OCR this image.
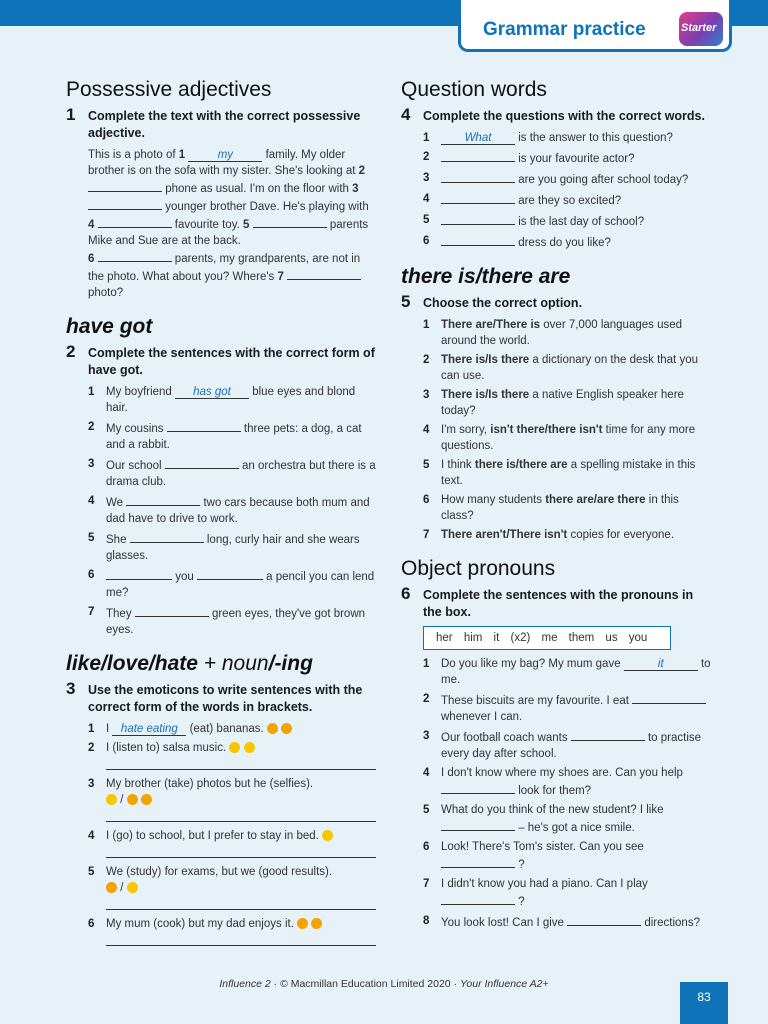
Grammar practice	Starter
Possessive adjectives
1 Complete the text with the correct possessive adjective.

This is a photo of 1	my	family. My older brother is on the sofa with my sister. She's looking at 2  phone as usual. I'm on the floor with 3  younger brother Dave. He's playing with 4	favourite toy. 5	parents Mike and Sue are at the back.
6	parents, my grandparents, are not in the photo. What about you? Where's 7  photo?

have got
2 Complete the sentences with the correct form of have got.
1 My boyfriend has got blue eyes and blond hair.
2 My cousins	three pets: a dog, a cat and a rabbit.
3 Our school	an orchestra but there is a drama club.
4 We	two cars because both mum and dad have to drive to work.
5 She	long, curly hair and she wears glasses.
6	you	a pencil you can lend me?
7 They	green eyes, they've got brown eyes.
like/love/hate + noun/-ing
3 Use the emoticons to write sentences with the correct form of the words in brackets.
1 I hate eating (eat) bananas.
2 I (listen to) salsa music.
3 My brother (take) photos but he (selfies).
/
4 I (go) to school, but I prefer to stay in bed.
5 We (study) for exams, but we (good results).
/
6 My mum (cook) but my dad enjoys it.
Question words
4 Complete the questions with the correct words.
1	What is the answer to this question?
2	is your favourite actor?
3	are you going after school today?
4	are they so excited?
5	is the last day of school?
6	dress do you like?
there is/there are
5 Choose the correct option.
1 There are/There is over 7,000 languages used around the world.
2 There is/Is there a dictionary on the desk that you can use.
3 There is/Is there a native English speaker here today?
4 I'm sorry, isn't there/there isn't time for any more questions.
5 I think there is/there are a spelling mistake in this text.
6 How many students there are/are there in this class?
7 There aren't/There isn't copies for everyone.
Object pronouns
6 Complete the sentences with the pronouns in the box.
her him it (x2) me them us you
1 Do you like my bag? My mum gave	it	to me.
2 These biscuits are my favourite. I eat  whenever I can.
3 Our football coach wants	to practise every day after school.
4 I don't know where my shoes are. Can you help  look for them?
5 What do you think of the new student? I like  – he's got a nice smile.
6 Look! There's Tom's sister. Can you see  ?
7 I didn't know you had a piano. Can I play  ?
8 You look lost! Can I give	directions?
Influence 2 · © Macmillan Education Limited 2020 · Your Influence A2+
83
